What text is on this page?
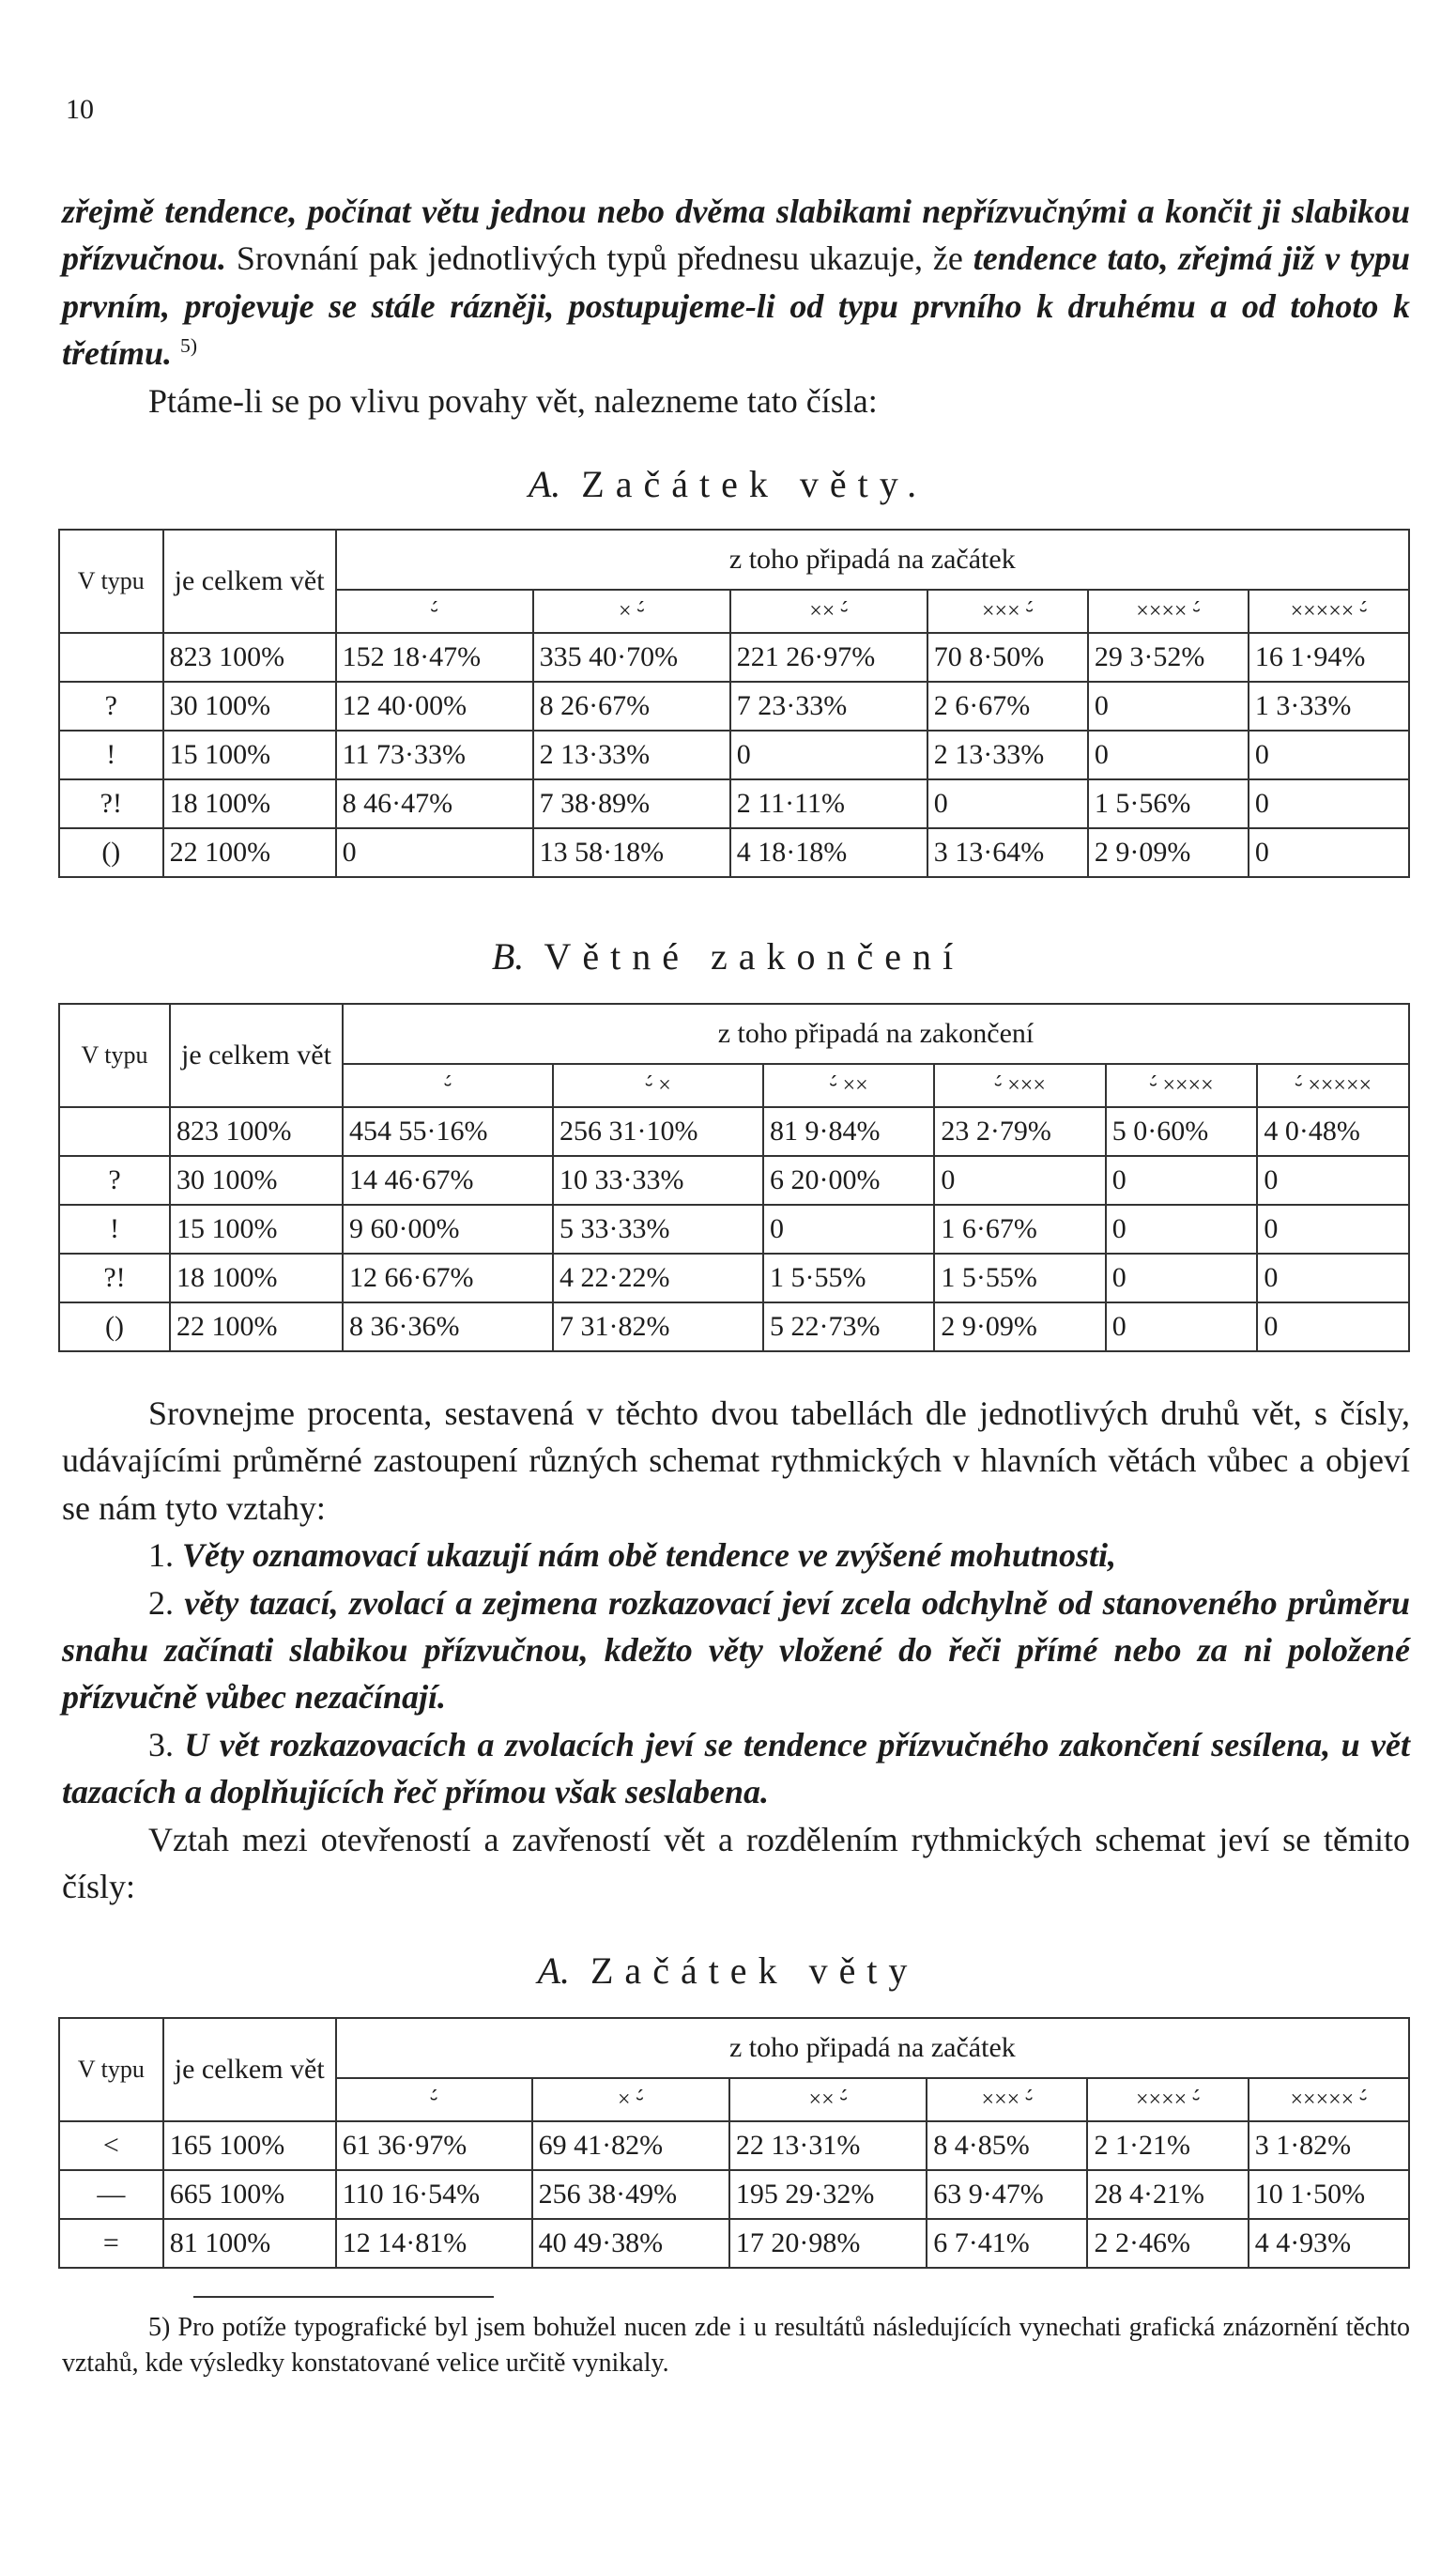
10

zřejmě tendence, počínat větu jednou nebo dvěma slabikami nepřízvučnými a končit ji slabikou přízvučnou. Srovnání pak jednotlivých typů přednesu ukazuje, že tendence tato, zřejmá již v typu prvním, projevuje se stále rázněji, postupujeme-li od typu prvního k druhému a od tohoto k třetímu. $^{5)}$

Ptáme-li se po vlivu povahy vět, nalezneme tato čísla:

A. Začátek věty.
V typu	je celkem vět	z toho připadá na začátek					
		⏑́	× ⏑́	×× ⏑́	××× ⏑́	×××× ⏑́	××××× ⏑́
	823 100%	152 18·47%	335 40·70%	221 26·97%	70 8·50%	29 3·52%	16 1·94%
?	30 100%	12 40·00%	8 26·67%	7 23·33%	2 6·67%	0	1 3·33%
!	15 100%	11 73·33%	2 13·33%	0	2 13·33%	0	0
?!	18 100%	8 46·47%	7 38·89%	2 11·11%	0	1 5·56%	0
()	22 100%	0	13 58·18%	4 18·18%	3 13·64%	2 9·09%	0
B. Větné zakončení
V typu	je celkem vět	z toho připadá na zakončení					
		⏑́	⏑́ ×	⏑́ ××	⏑́ ×××	⏑́ ××××	⏑́ ×××××
	823 100%	454 55·16%	256 31·10%	81 9·84%	23 2·79%	5 0·60%	4 0·48%
?	30 100%	14 46·67%	10 33·33%	6 20·00%	0	0	0
!	15 100%	9 60·00%	5 33·33%	0	1 6·67%	0	0
?!	18 100%	12 66·67%	4 22·22%	1 5·55%	1 5·55%	0	0
()	22 100%	8 36·36%	7 31·82%	5 22·73%	2 9·09%	0	0

Srovnejme procenta, sestavená v těchto dvou tabellách dle jednotlivých druhů vět, s čísly, udávajícími průměrné zastoupení různých schemat rythmických v hlavních větách vůbec a objeví se nám tyto vztahy:

1. Věty oznamovací ukazují nám obě tendence ve zvýšené mohutnosti,

2. věty tazací, zvolací a zejmena rozkazovací jeví zcela odchylně od stanoveného průměru snahu začínati slabikou přízvučnou, kdežto věty vložené do řeči přímé nebo za ni položené přízvučně vůbec nezačínají.

3. U vět rozkazovacích a zvolacích jeví se tendence přízvučného zakončení sesílena, u vět tazacích a doplňujících řeč přímou však seslabena.

Vztah mezi otevřeností a zavřeností vět a rozdělením rythmických schemat jeví se těmito čísly:

A. Začátek věty
V typu	je celkem vět	z toho připadá na začátek					
		⏑́	× ⏑́	×× ⏑́	××× ⏑́	×××× ⏑́	××××× ⏑́
<	165 100%	61 36·97%	69 41·82%	22 13·31%	8 4·85%	2 1·21%	3 1·82%
—	665 100%	110 16·54%	256 38·49%	195 29·32%	63 9·47%	28 4·21%	10 1·50%
=	81 100%	12 14·81%	40 49·38%	17 20·98%	6 7·41%	2 2·46%	4 4·93%
5) Pro potíže typografické byl jsem bohužel nucen zde i u resultátů následujících vynechati grafická znázornění těchto vztahů, kde výsledky konstatované velice určitě vynikaly.
